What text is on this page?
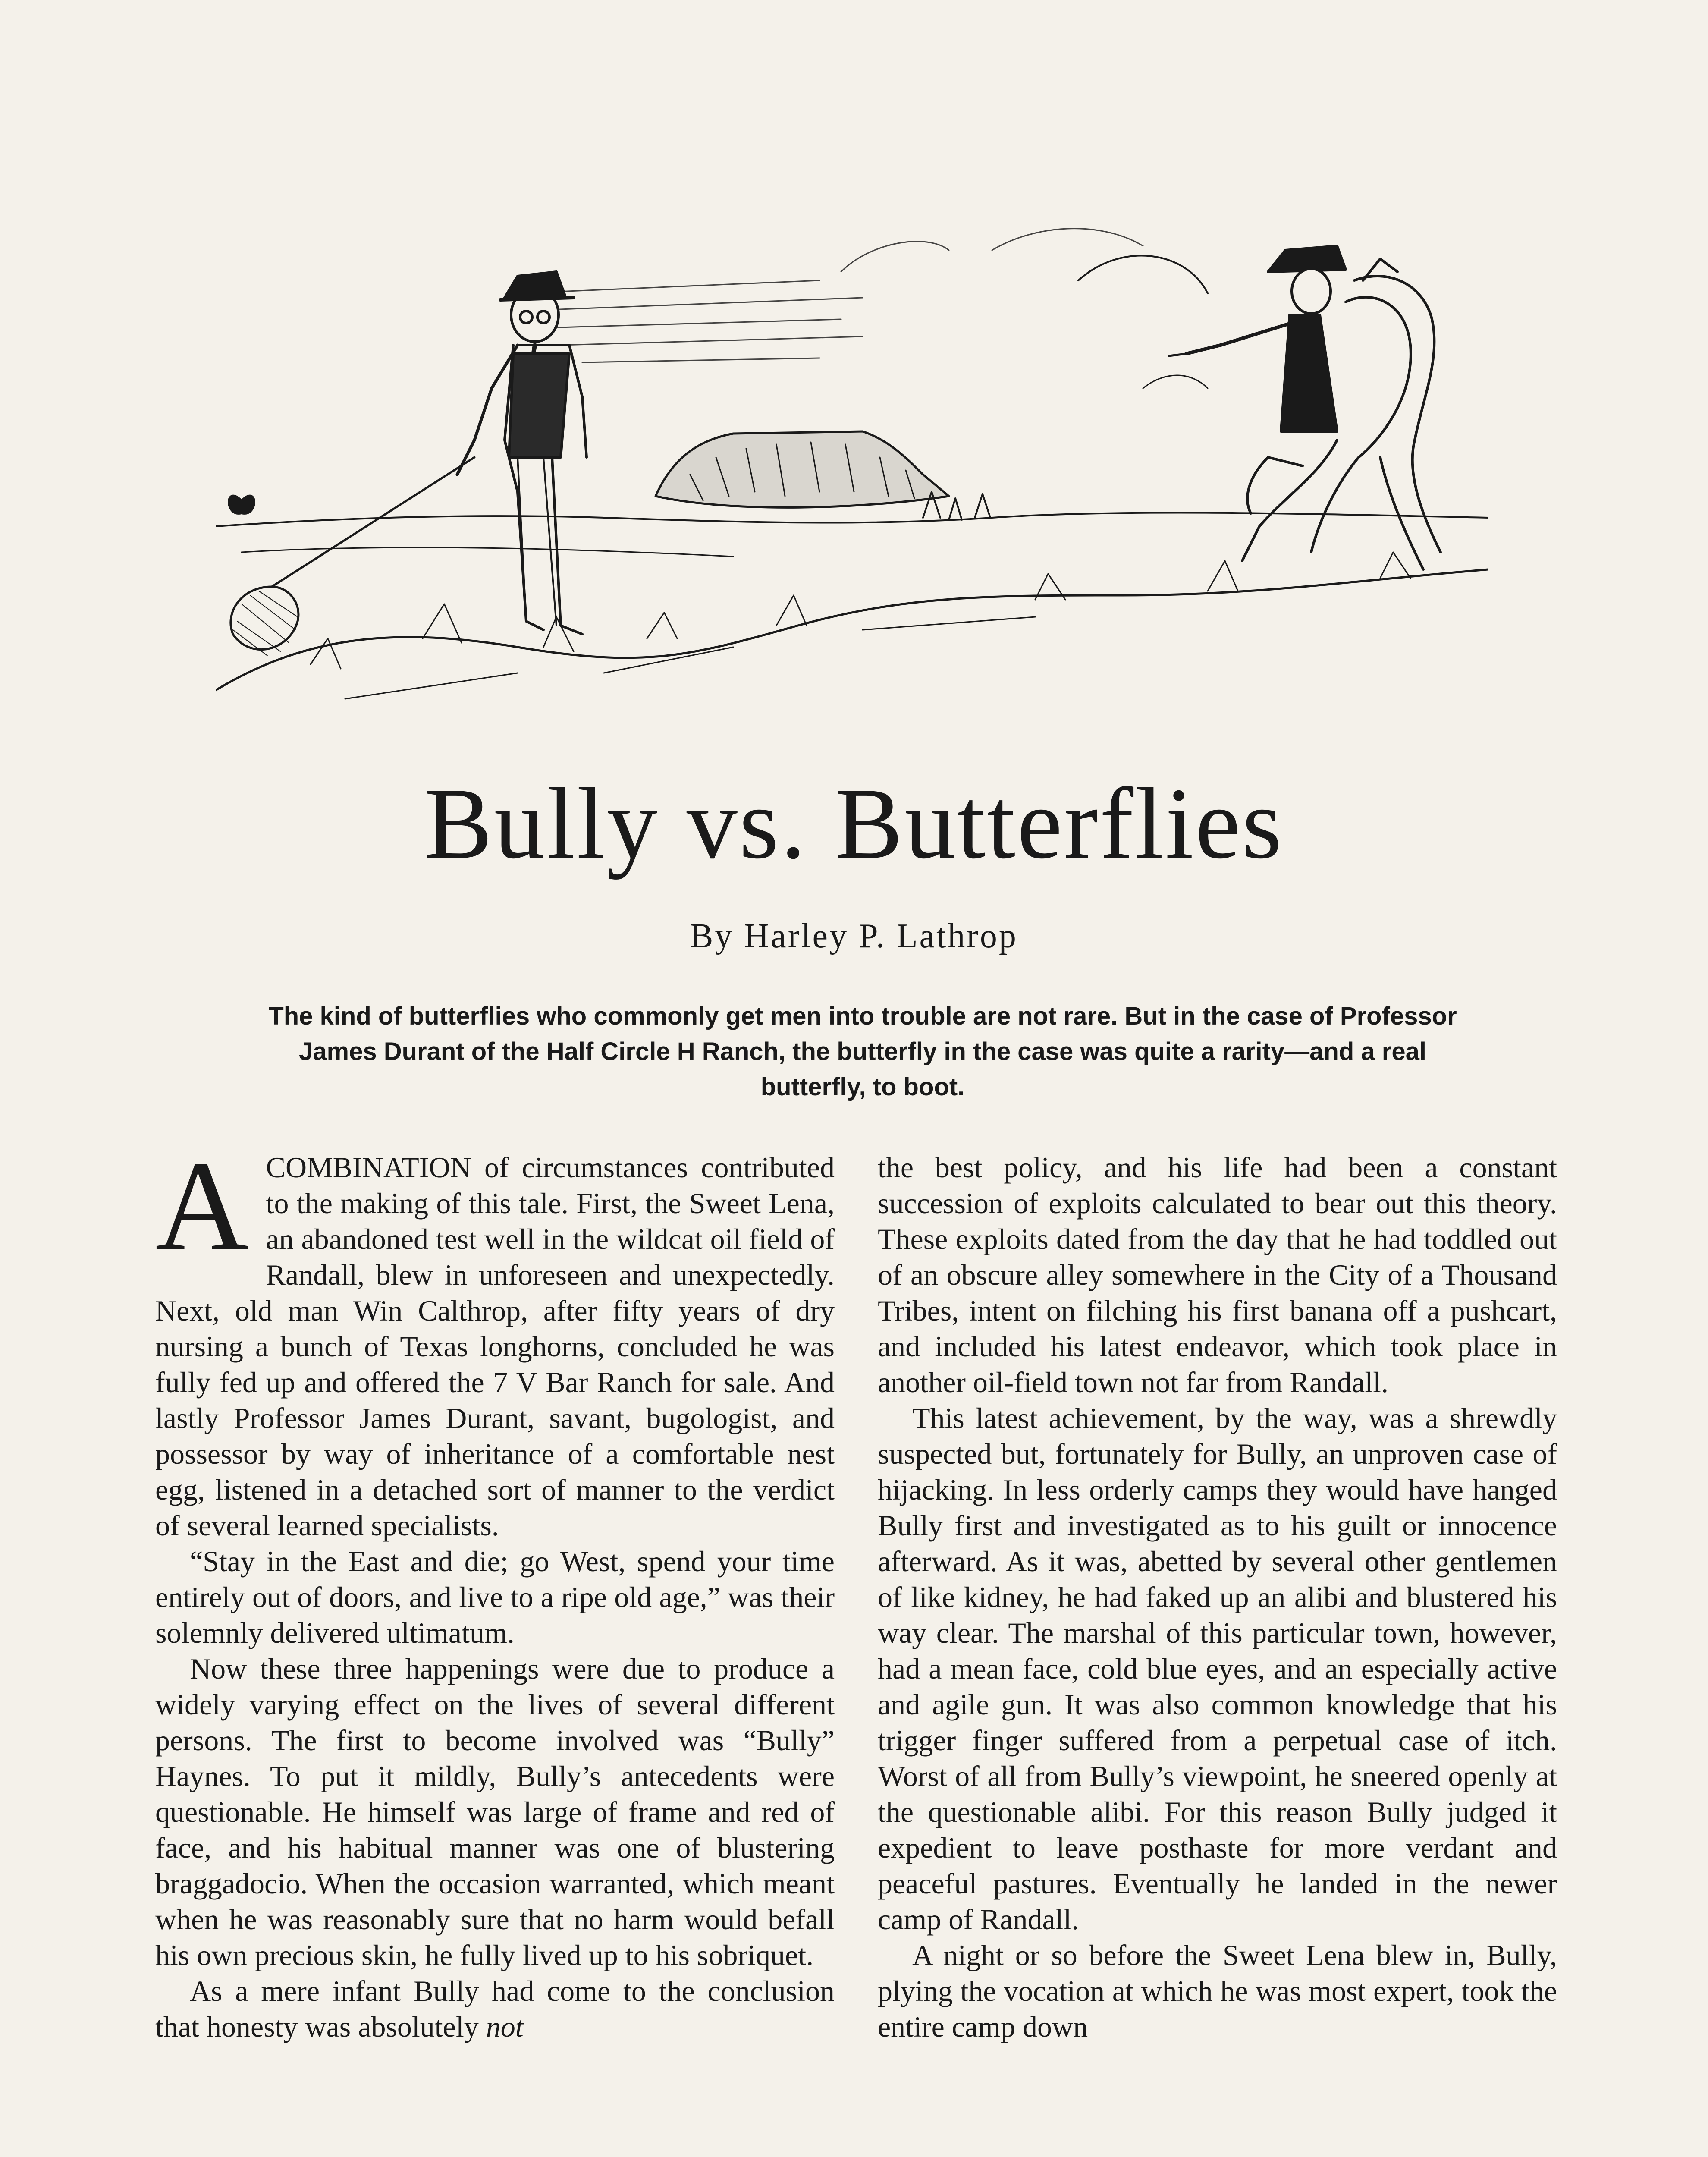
Bully vs. Butterflies
By Harley P. Lathrop

The kind of butterflies who commonly get men into trouble are not rare. But in the case of Professor James Durant of the Half Circle H Ranch, the butterfly in the case was quite a rarity—and a real butterfly, to boot.

ACOMBINATION of circumstances contributed to the making of this tale. First, the Sweet Lena, an abandoned test well in the wildcat oil field of Randall, blew in unforeseen and unexpectedly. Next, old man Win Calthrop, after fifty years of dry nursing a bunch of Texas longhorns, concluded he was fully fed up and offered the 7 V Bar Ranch for sale. And lastly Professor James Durant, savant, bugologist, and possessor by way of inheritance of a comfortable nest egg, listened in a detached sort of manner to the verdict of several learned specialists.

“Stay in the East and die; go West, spend your time entirely out of doors, and live to a ripe old age,” was their solemnly delivered ultimatum.

Now these three happenings were due to produce a widely varying effect on the lives of several different persons. The first to become involved was “Bully” Haynes. To put it mildly, Bully’s antecedents were questionable. He himself was large of frame and red of face, and his habitual manner was one of blustering braggadocio. When the occasion warranted, which meant when he was reasonably sure that no harm would befall his own precious skin, he fully lived up to his sobriquet.

As a mere infant Bully had come to the conclusion that honesty was absolutely not

the best policy, and his life had been a constant succession of exploits calculated to bear out this theory. These exploits dated from the day that he had toddled out of an obscure alley somewhere in the City of a Thousand Tribes, intent on filching his first banana off a pushcart, and included his latest endeavor, which took place in another oil-field town not far from Randall.

This latest achievement, by the way, was a shrewdly suspected but, fortunately for Bully, an unproven case of hijacking. In less orderly camps they would have hanged Bully first and investigated as to his guilt or innocence afterward. As it was, abetted by several other gentlemen of like kidney, he had faked up an alibi and blustered his way clear. The marshal of this particular town, however, had a mean face, cold blue eyes, and an especially active and agile gun. It was also common knowledge that his trigger finger suffered from a perpetual case of itch. Worst of all from Bully’s viewpoint, he sneered openly at the questionable alibi. For this reason Bully judged it expedient to leave posthaste for more verdant and peaceful pastures. Eventually he landed in the newer camp of Randall.

A night or so before the Sweet Lena blew in, Bully, plying the vocation at which he was most expert, took the entire camp down
